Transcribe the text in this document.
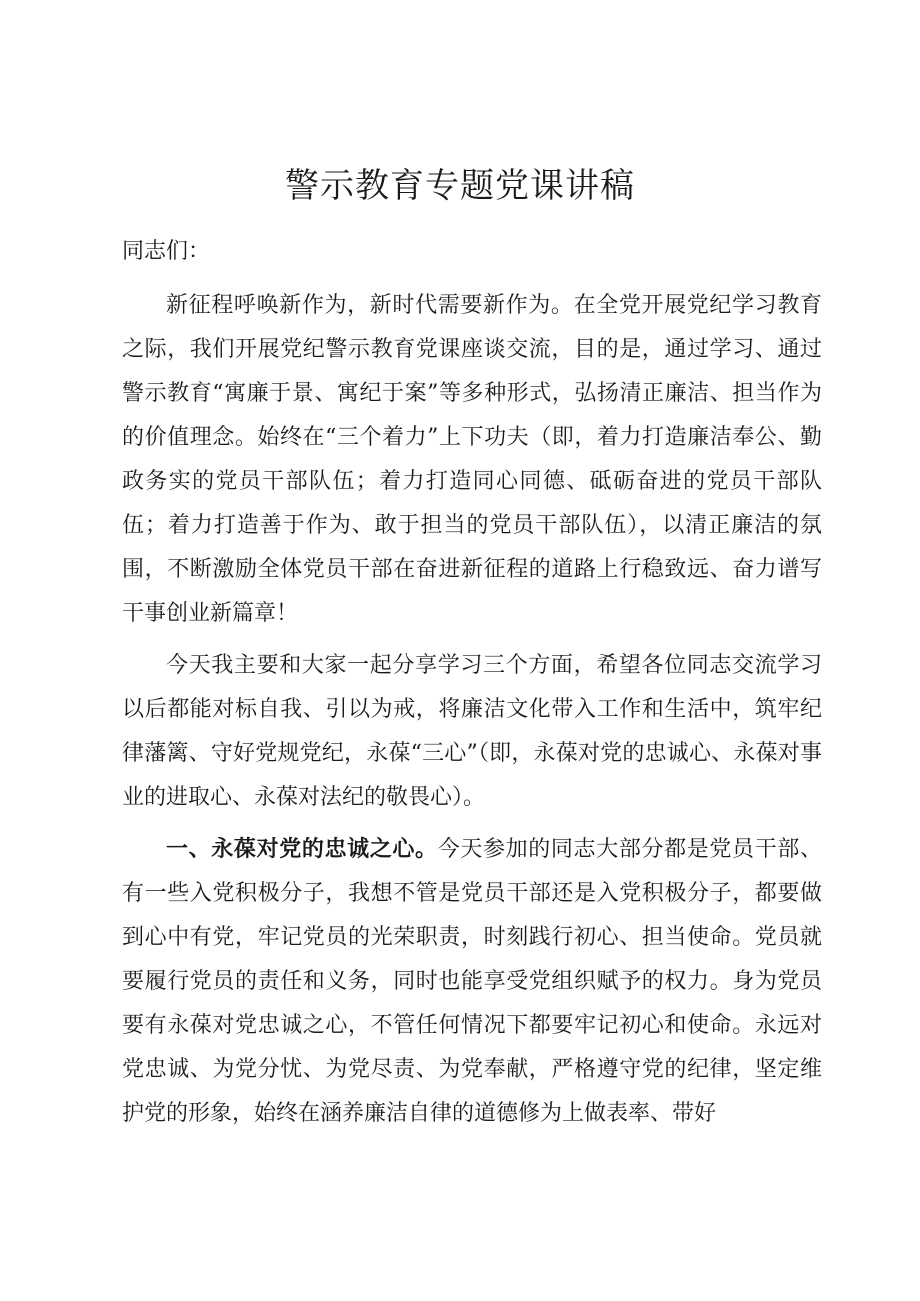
警示教育专题党课讲稿

同志们：

新征程呼唤新作为，新时代需要新作为。在全党开展党纪学习教育之际，我们开展党纪警示教育党课座谈交流，目的是，通过学习、通过警示教育“寓廉于景、寓纪于案”等多种形式，弘扬清正廉洁、担当作为的价值理念。始终在“三个着力”上下功夫（即，着力打造廉洁奉公、勤政务实的党员干部队伍；着力打造同心同德、砥砺奋进的党员干部队伍；着力打造善于作为、敢于担当的党员干部队伍），以清正廉洁的氛围，不断激励全体党员干部在奋进新征程的道路上行稳致远、奋力谱写干事创业新篇章！

今天我主要和大家一起分享学习三个方面，希望各位同志交流学习以后都能对标自我、引以为戒，将廉洁文化带入工作和生活中，筑牢纪律藩篱、守好党规党纪，永葆“三心”（即，永葆对党的忠诚心、永葆对事业的进取心、永葆对法纪的敬畏心）。

一、永葆对党的忠诚之心。今天参加的同志大部分都是党员干部、有一些入党积极分子，我想不管是党员干部还是入党积极分子，都要做到心中有党，牢记党员的光荣职责，时刻践行初心、担当使命。党员就要履行党员的责任和义务，同时也能享受党组织赋予的权力。身为党员要有永葆对党忠诚之心，不管任何情况下都要牢记初心和使命。永远对党忠诚、为党分忧、为党尽责、为党奉献，严格遵守党的纪律，坚定维护党的形象，始终在涵养廉洁自律的道德修为上做表率、带好
